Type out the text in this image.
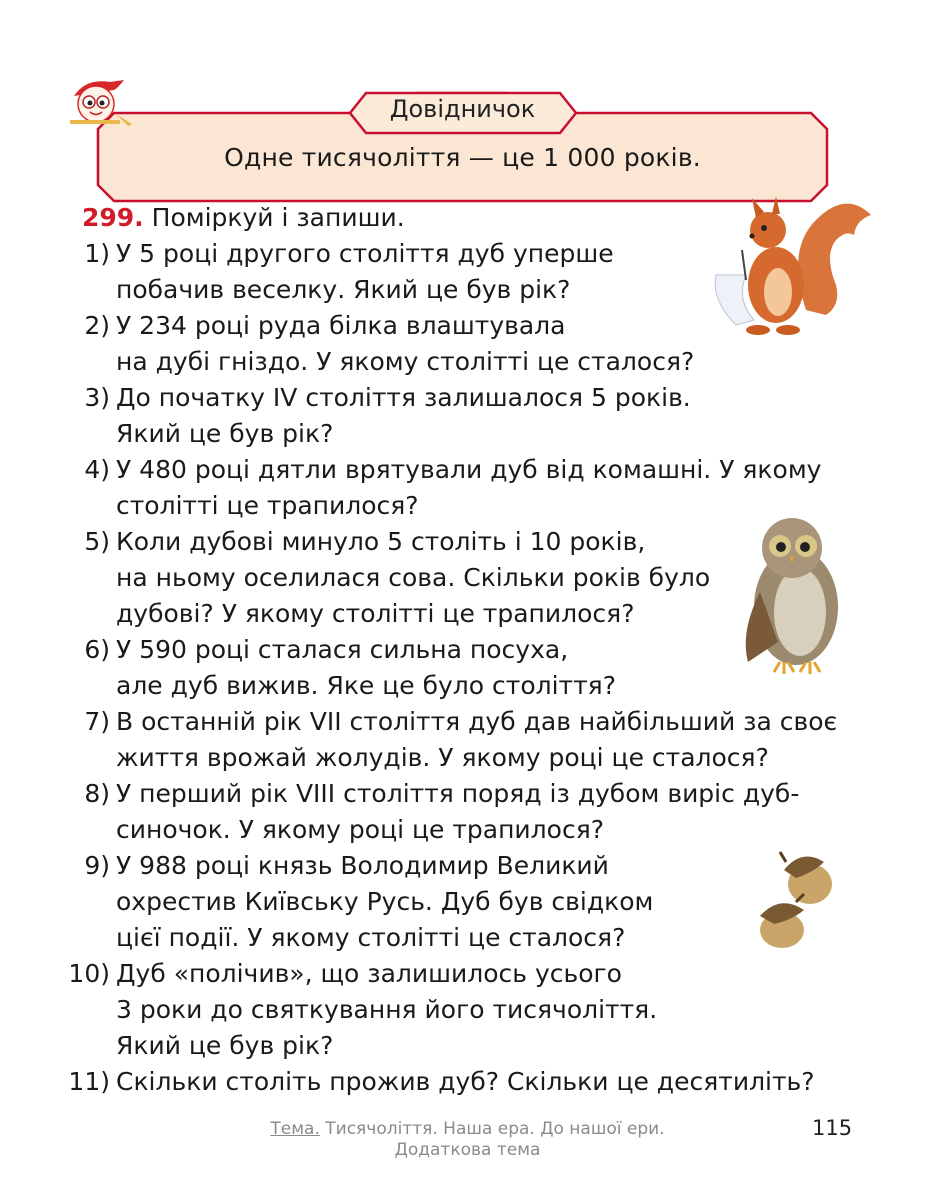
Довідничок
Одне тисячоліття — це 1 000 років.
299. Поміркуй і запиши.
1) У 5 році другого століття дуб уперше
побачив веселку. Який це був рік?
2) У 234 році руда білка влаштувала
на дубі гніздо. У якому столітті це сталося?
3) До початку IV століття залишалося 5 років.
Який це був рік?
4) У 480 році дятли врятували дуб від комашні. У якому
столітті це трапилося?
5) Коли дубові минуло 5 століть і 10 років,
на ньому оселилася сова. Скільки років було
дубові? У якому столітті це трапилося?
6) У 590 році сталася сильна посуха,
але дуб вижив. Яке це було століття?
7) В останній рік VII століття дуб дав найбільший за своє
життя врожай жолудів. У якому році це сталося?
8) У перший рік VIII століття поряд із дубом виріс дуб-
синочок. У якому році це трапилося?
9) У 988 році князь Володимир Великий
охрестив Київську Русь. Дуб був свідком
цієї події. У якому столітті це сталося?
10) Дуб «полічив», що залишилось усього
3 роки до святкування його тисячоліття.
Який це був рік?
11) Скільки століть прожив дуб? Скільки це десятиліть?
Тема. Тисячоліття. Наша ера. До нашої ери.
Додаткова тема
115
